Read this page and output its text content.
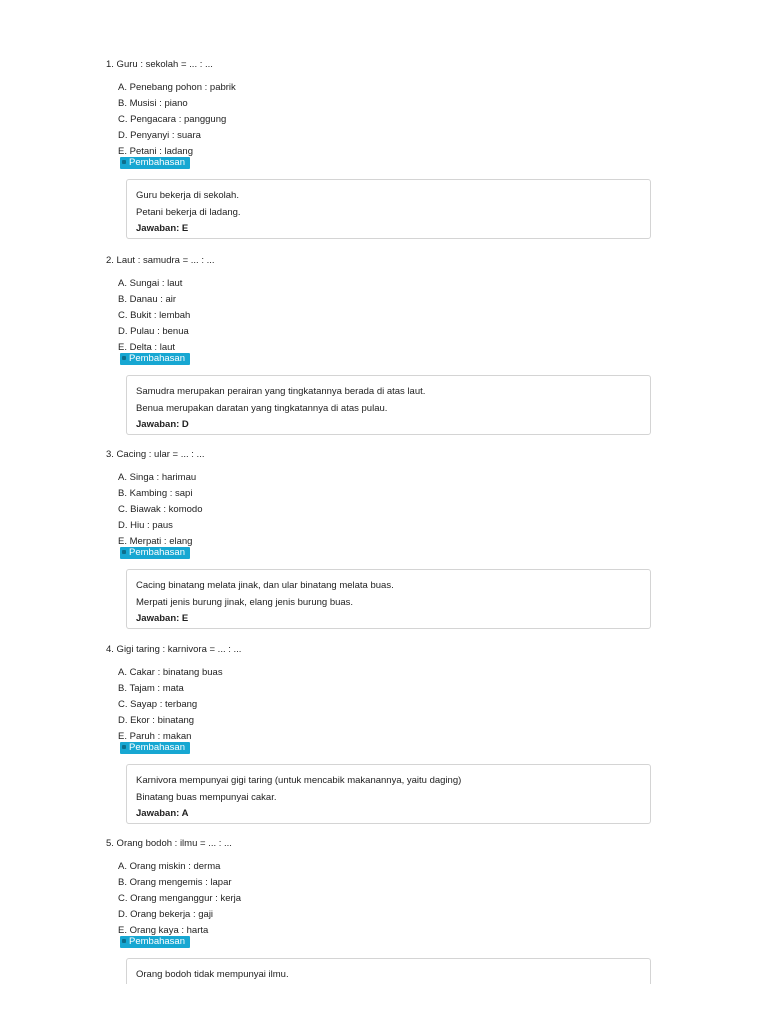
1. Guru : sekolah = ... : ...
A. Penebang pohon : pabrik
B. Musisi : piano
C. Pengacara : panggung
D. Penyanyi : suara
E. Petani : ladang
Pembahasan
Guru bekerja di sekolah.
Petani bekerja di ladang.
Jawaban: E
2. Laut : samudra = ... : ...
A. Sungai : laut
B. Danau : air
C. Bukit : lembah
D. Pulau : benua
E. Delta : laut
Pembahasan
Samudra merupakan perairan yang tingkatannya berada di atas laut.
Benua merupakan daratan yang tingkatannya di atas pulau.
Jawaban: D
3. Cacing : ular = ... : ...
A. Singa : harimau
B. Kambing : sapi
C. Biawak : komodo
D. Hiu : paus
E. Merpati : elang
Pembahasan
Cacing binatang melata jinak, dan ular binatang melata buas.
Merpati jenis burung jinak, elang jenis burung buas.
Jawaban: E
4. Gigi taring : karnivora = ... : ...
A. Cakar : binatang buas
B. Tajam : mata
C. Sayap : terbang
D. Ekor : binatang
E. Paruh : makan
Pembahasan
Karnivora mempunyai gigi taring (untuk mencabik makanannya, yaitu daging)
Binatang buas mempunyai cakar.
Jawaban: A
5. Orang bodoh : ilmu = ... : ...
A. Orang miskin : derma
B. Orang mengemis : lapar
C. Orang menganggur : kerja
D. Orang bekerja : gaji
E. Orang kaya : harta
Pembahasan
Orang bodoh tidak mempunyai ilmu.
